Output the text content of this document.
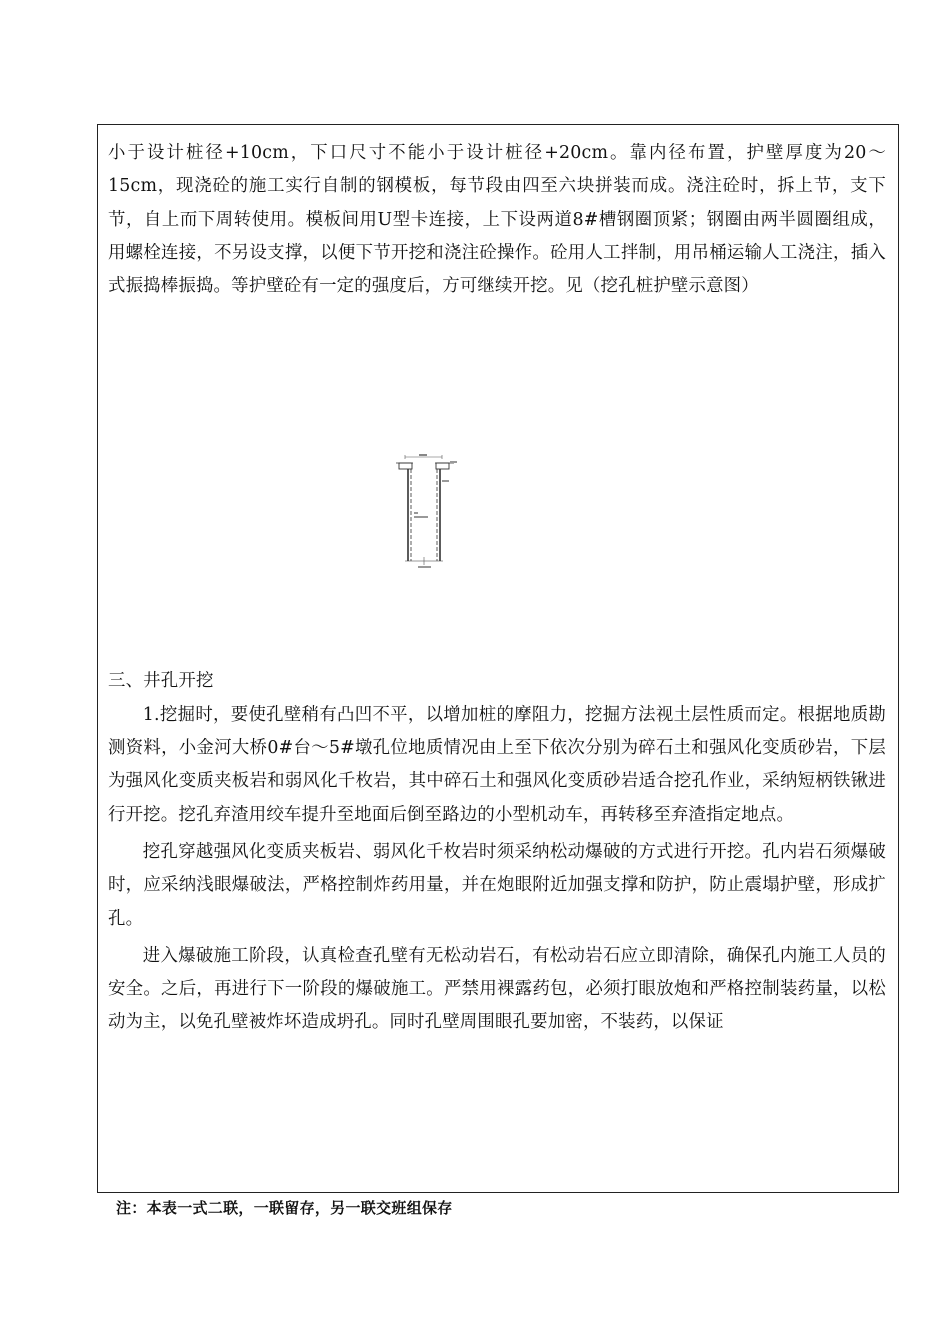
小于设计桩径+10cm，下口尺寸不能小于设计桩径+20cm。靠内径布置，护壁厚度为20～15cm，现浇砼的施工实行自制的钢模板，每节段由四至六块拼装而成。浇注砼时，拆上节，支下节，自上而下周转使用。模板间用U型卡连接，上下设两道8#槽钢圈顶紧；钢圈由两半圆圈组成，用螺栓连接，不另设支撑，以便下节开挖和浇注砼操作。砼用人工拌制，用吊桶运输人工浇注，插入式振捣棒振捣。等护壁砼有一定的强度后，方可继续开挖。见（挖孔桩护壁示意图）

三、井孔开挖

1.挖掘时，要使孔壁稍有凸凹不平，以增加桩的摩阻力，挖掘方法视土层性质而定。根据地质勘测资料，小金河大桥0#台～5#墩孔位地质情况由上至下依次分别为碎石土和强风化变质砂岩，下层为强风化变质夹板岩和弱风化千枚岩，其中碎石土和强风化变质砂岩适合挖孔作业，采纳短柄铁锹进行开挖。挖孔弃渣用绞车提升至地面后倒至路边的小型机动车，再转移至弃渣指定地点。

挖孔穿越强风化变质夹板岩、弱风化千枚岩时须采纳松动爆破的方式进行开挖。孔内岩石须爆破时，应采纳浅眼爆破法，严格控制炸药用量，并在炮眼附近加强支撑和防护，防止震塌护壁，形成扩孔。

进入爆破施工阶段，认真检查孔壁有无松动岩石，有松动岩石应立即清除，确保孔内施工人员的安全。之后，再进行下一阶段的爆破施工。严禁用裸露药包，必须打眼放炮和严格控制装药量，以松动为主，以免孔壁被炸坏造成坍孔。同时孔壁周围眼孔要加密，不装药，以保证

注：本表一式二联，一联留存，另一联交班组保存
